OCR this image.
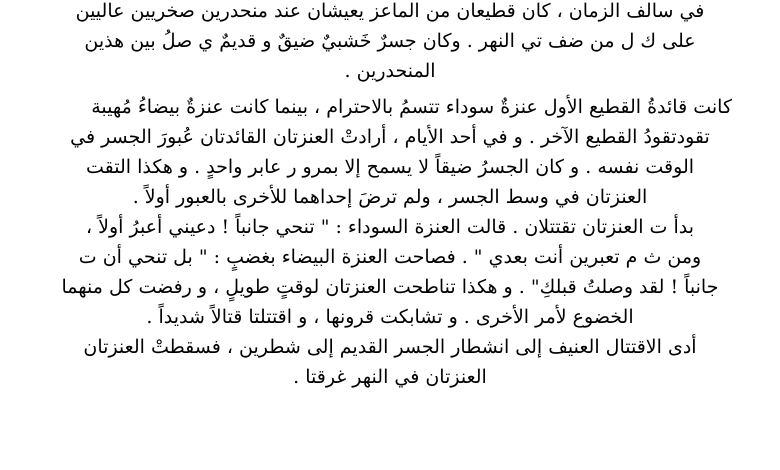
في سالف الزمان ، كان قطيعان من الماعز يعيشان عند منحدرين صخريين عاليين
على ك ل من ضف تي النهر . وكان جسرٌ خَشبيٌ ضيقٌ و قديمٌ ي صلُ بين هذين
المنحدرين .
كانت قائدةُ القطيع الأول عنزةٌ سوداء تتسمُ بالاحترام ، بينما كانت عنزةٌ بيضاءُ مُهيبة
تقودتقودُ القطيع الآخر . و في أحد الأيام ، أرادتْ العنزتان القائدتان عُبورَ الجسر في
الوقت نفسه . و كان الجسرُ ضيقاً لا يسمح إلا بمرو ر عابر واحدٍ . و هكذا التقت
العنزتان في وسط الجسر ، ولم ترضَ إحداهما للأخرى بالعبور أولاً .
بدأ ت العنزتان تقتتلان . قالت العنزة السوداء : " تنحي جانباً ! دعيني أعبرُ أولاً ،
ومن ث م تعبرين أنت بعدي " . فصاحت العنزة البيضاء بغضبٍ : " بل تنحي أن ت
جانباً ! لقد وصلتُ قبلكِ" . و هكذا تناطحت العنزتان لوقتٍ طويلٍ ، و رفضت كل منهما
الخضوع لأمر الأخرى . و تشابكت قرونها ، و اقتتلتا قتالاً شديداً .
أدى الاقتتال العنيف إلى انشطار الجسر القديم إلى شطرين ، فسقطتْ العنزتان
العنزتان في النهر غرقتا .
